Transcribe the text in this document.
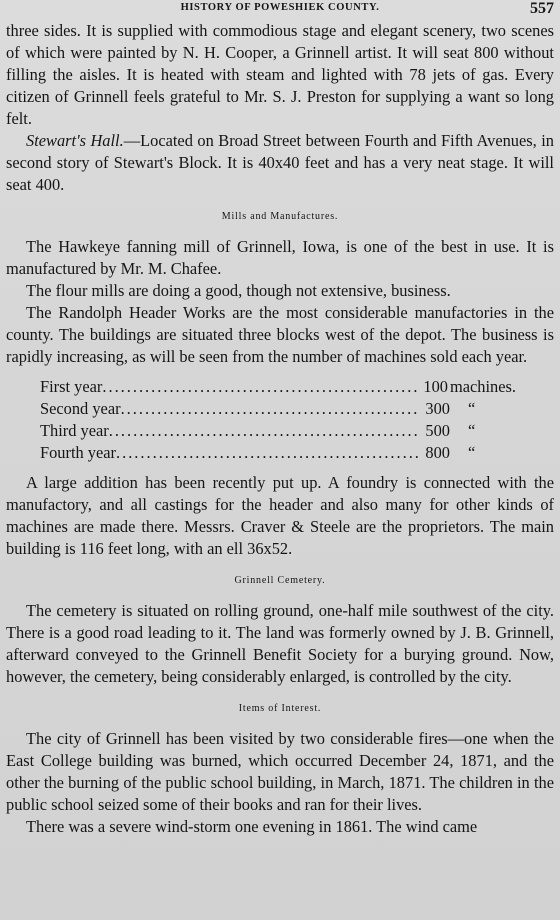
HISTORY OF POWESHIEK COUNTY.	557

three sides. It is supplied with commodious stage and elegant scenery, two scenes of which were painted by N. H. Cooper, a Grinnell artist. It will seat 800 without filling the aisles. It is heated with steam and lighted with 78 jets of gas. Every citizen of Grinnell feels grateful to Mr. S. J. Preston for supplying a want so long felt.

Stewart's Hall.—Located on Broad Street between Fourth and Fifth Avenues, in second story of Stewart's Block. It is 40x40 feet and has a very neat stage. It will seat 400.

Mills and Manufactures.

The Hawkeye fanning mill of Grinnell, Iowa, is one of the best in use. It is manufactured by Mr. M. Chafee.

The flour mills are doing a good, though not extensive, business.

The Randolph Header Works are the most considerable manufactories in the county. The buildings are situated three blocks west of the depot. The business is rapidly increasing, as will be seen from the number of machines sold each year.

First year .....	100 machines.
Second year .....	300	“
Third year .....	500	“
Fourth year .....	800	“

A large addition has been recently put up. A foundry is connected with the manufactory, and all castings for the header and also many for other kinds of machines are made there. Messrs. Craver & Steele are the proprietors. The main building is 116 feet long, with an ell 36x52.

Grinnell Cemetery.

The cemetery is situated on rolling ground, one-half mile southwest of the city. There is a good road leading to it. The land was formerly owned by J. B. Grinnell, afterward conveyed to the Grinnell Benefit Society for a burying ground. Now, however, the cemetery, being considerably enlarged, is controlled by the city.

Items of Interest.

The city of Grinnell has been visited by two considerable fires—one when the East College building was burned, which occurred December 24, 1871, and the other the burning of the public school building, in March, 1871. The children in the public school seized some of their books and ran for their lives.

There was a severe wind-storm one evening in 1861. The wind came
